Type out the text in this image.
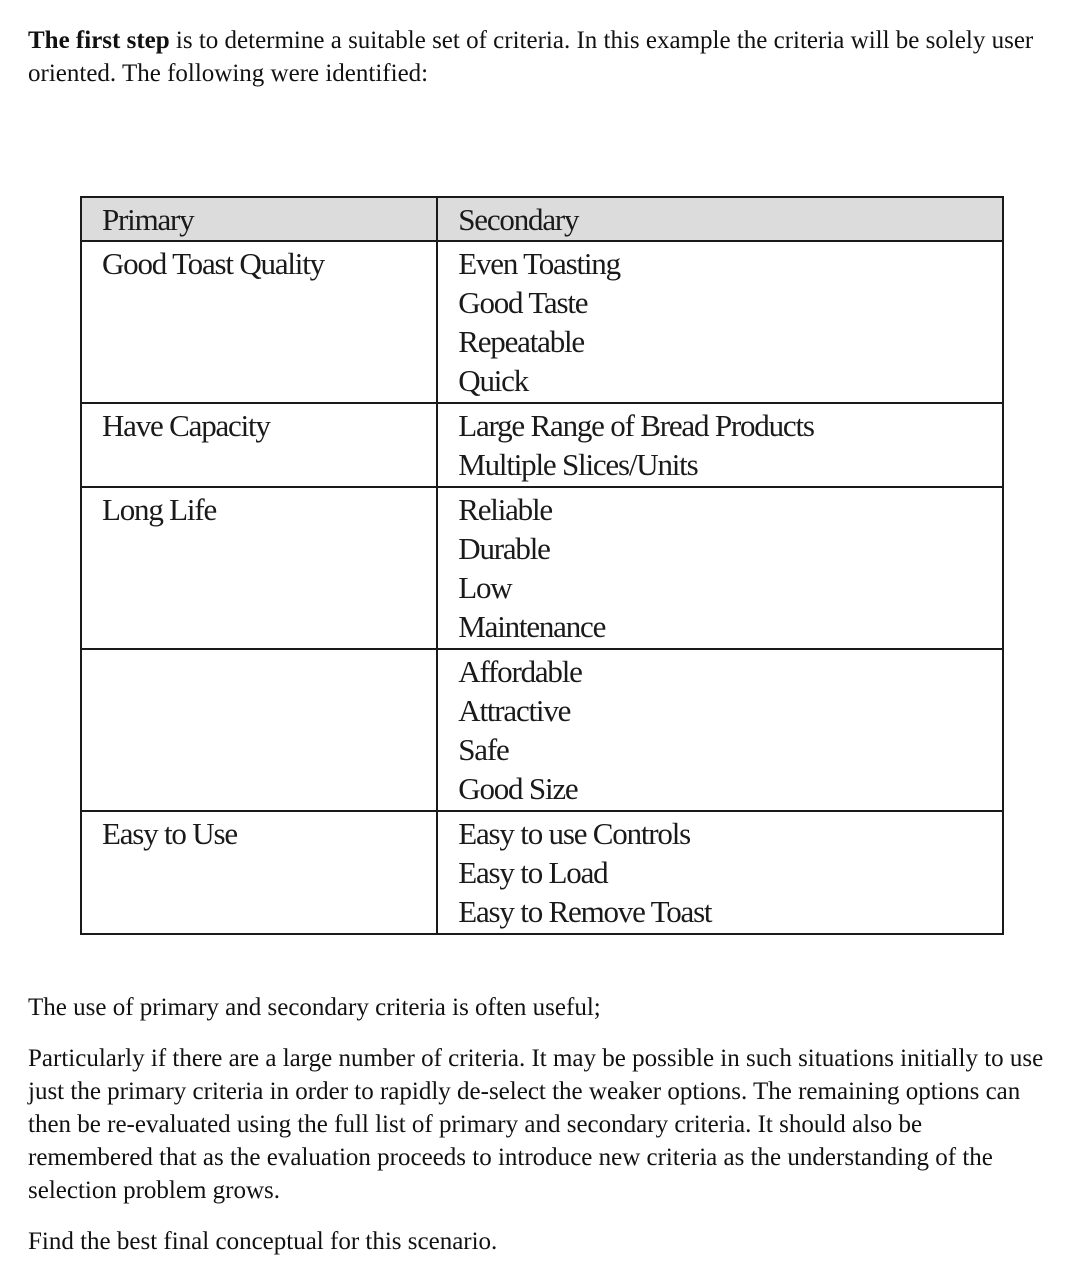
The first step is to determine a suitable set of criteria. In this example the criteria will be solely user oriented. The following were identified:
Primary	Secondary

Good Toast Quality	Even Toasting
Good Taste
Repeatable
Quick

Have Capacity	Large Range of Bread Products
Multiple Slices/Units

Long Life	Reliable
Durable
Low
Maintenance

	Affordable
Attractive
Safe
Good Size

Easy to Use	Easy to use Controls
Easy to Load
Easy to Remove Toast

The use of primary and secondary criteria is often useful;

Particularly if there are a large number of criteria. It may be possible in such situations initially to use just the primary criteria in order to rapidly de-select the weaker options. The remaining options can then be re-evaluated using the full list of primary and secondary criteria. It should also be remembered that as the evaluation proceeds to introduce new criteria as the understanding of the selection problem grows.

Find the best final conceptual for this scenario.
